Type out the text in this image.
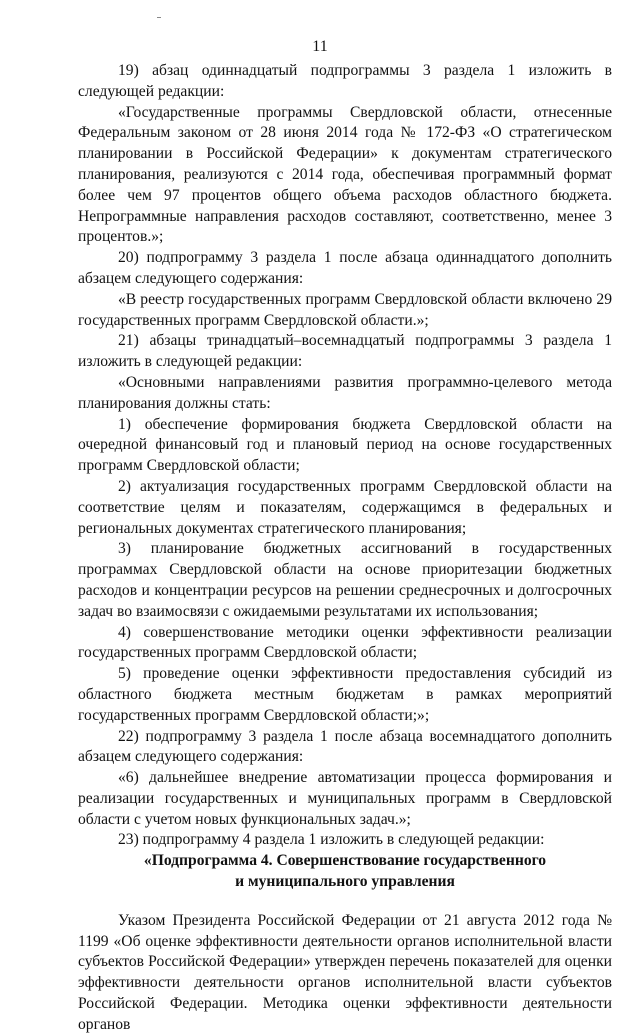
11

19) абзац одиннадцатый подпрограммы 3 раздела 1 изложить в следующей редакции:

«Государственные программы Свердловской области, отнесенные Федеральным законом от 28 июня 2014 года № 172-ФЗ «О стратегическом планировании в Российской Федерации» к документам стратегического планирования, реализуются с 2014 года, обеспечивая программный формат более чем 97 процентов общего объема расходов областного бюджета. Непрограммные направления расходов составляют, соответственно, менее 3 процентов.»;

20) подпрограмму 3 раздела 1 после абзаца одиннадцатого дополнить абзацем следующего содержания:

«В реестр государственных программ Свердловской области включено 29 государственных программ Свердловской области.»;

21) абзацы тринадцатый–восемнадцатый подпрограммы 3 раздела 1 изложить в следующей редакции:

«Основными направлениями развития программно-целевого метода планирования должны стать:

1) обеспечение формирования бюджета Свердловской области на очередной финансовый год и плановый период на основе государственных программ Свердловской области;

2) актуализация государственных программ Свердловской области на соответствие целям и показателям, содержащимся в федеральных и региональных документах стратегического планирования;

3) планирование бюджетных ассигнований в государственных программах Свердловской области на основе приоритезации бюджетных расходов и концентрации ресурсов на решении среднесрочных и долгосрочных задач во взаимосвязи с ожидаемыми результатами их использования;

4) совершенствование методики оценки эффективности реализации государственных программ Свердловской области;

5) проведение оценки эффективности предоставления субсидий из областного бюджета местным бюджетам в рамках мероприятий государственных программ Свердловской области;»;

22) подпрограмму 3 раздела 1 после абзаца восемнадцатого дополнить абзацем следующего содержания:

«6) дальнейшее внедрение автоматизации процесса формирования и реализации государственных и муниципальных программ в Свердловской области с учетом новых функциональных задач.»;

23) подпрограмму 4 раздела 1 изложить в следующей редакции:

«Подпрограмма 4. Совершенствование государственного

и муниципального управления

Указом Президента Российской Федерации от 21 августа 2012 года № 1199 «Об оценке эффективности деятельности органов исполнительной власти субъектов Российской Федерации» утвержден перечень показателей для оценки эффективности деятельности органов исполнительной власти субъектов Российской Федерации. Методика оценки эффективности деятельности органов
